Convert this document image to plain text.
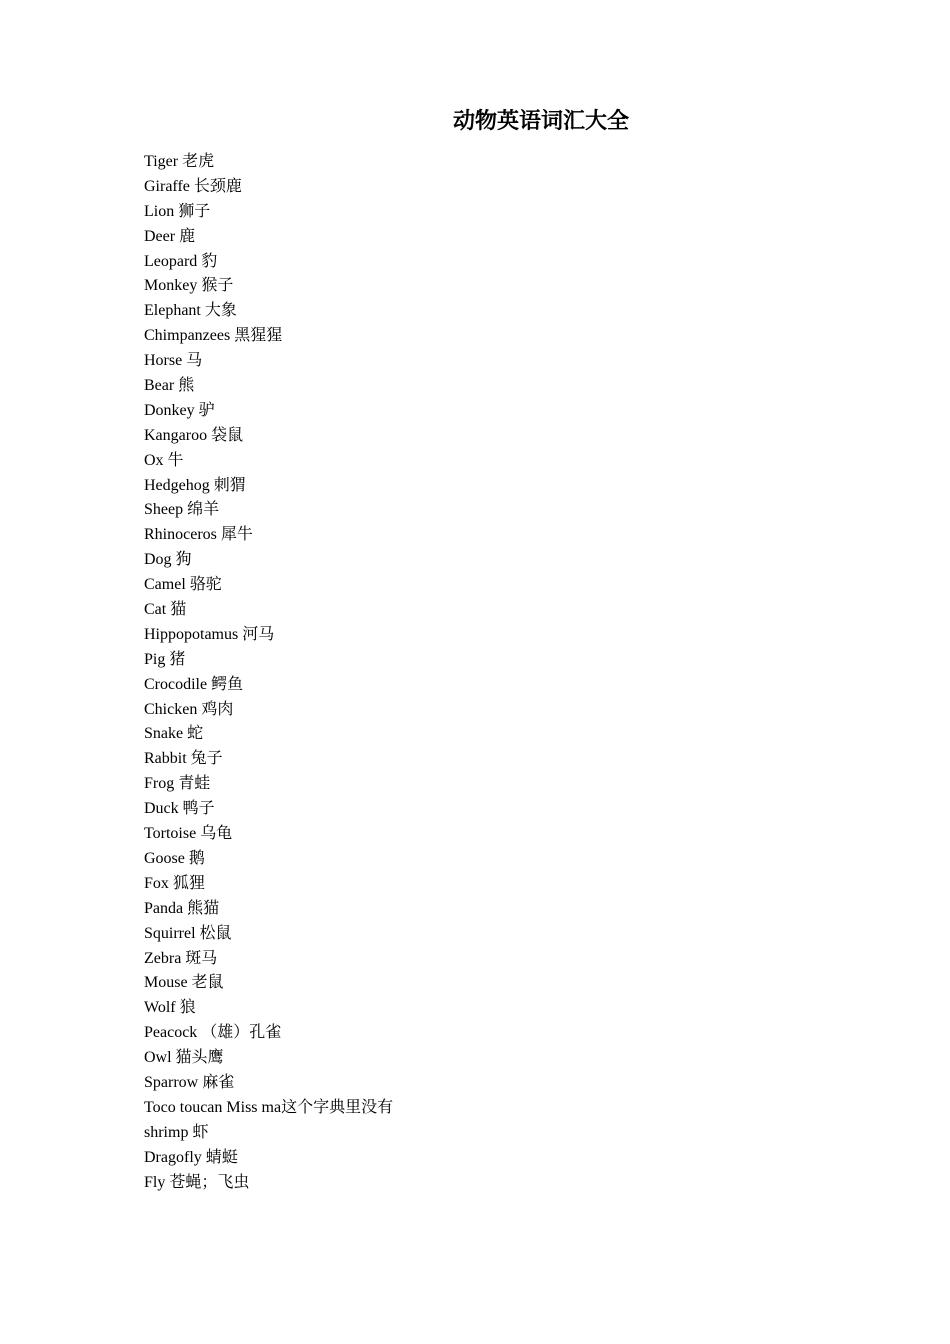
动物英语词汇大全
Tiger 老虎
Giraffe 长颈鹿
Lion 狮子
Deer 鹿
Leopard 豹
Monkey 猴子
Elephant 大象
Chimpanzees 黑猩猩
Horse 马
Bear 熊
Donkey 驴
Kangaroo 袋鼠
Ox 牛
Hedgehog 刺猬
Sheep 绵羊
Rhinoceros 犀牛
Dog 狗
Camel 骆驼
Cat 猫
Hippopotamus 河马
Pig 猪
Crocodile 鳄鱼
Chicken 鸡肉
Snake 蛇
Rabbit 兔子
Frog 青蛙
Duck 鸭子
Tortoise 乌龟
Goose 鹅
Fox 狐狸
Panda 熊猫
Squirrel 松鼠
Zebra 斑马
Mouse 老鼠
Wolf 狼
Peacock （雄）孔雀
Owl 猫头鹰
Sparrow 麻雀
Toco toucan Miss ma这个字典里没有
shrimp 虾
Dragofly 蜻蜓
Fly 苍蝇；飞虫
